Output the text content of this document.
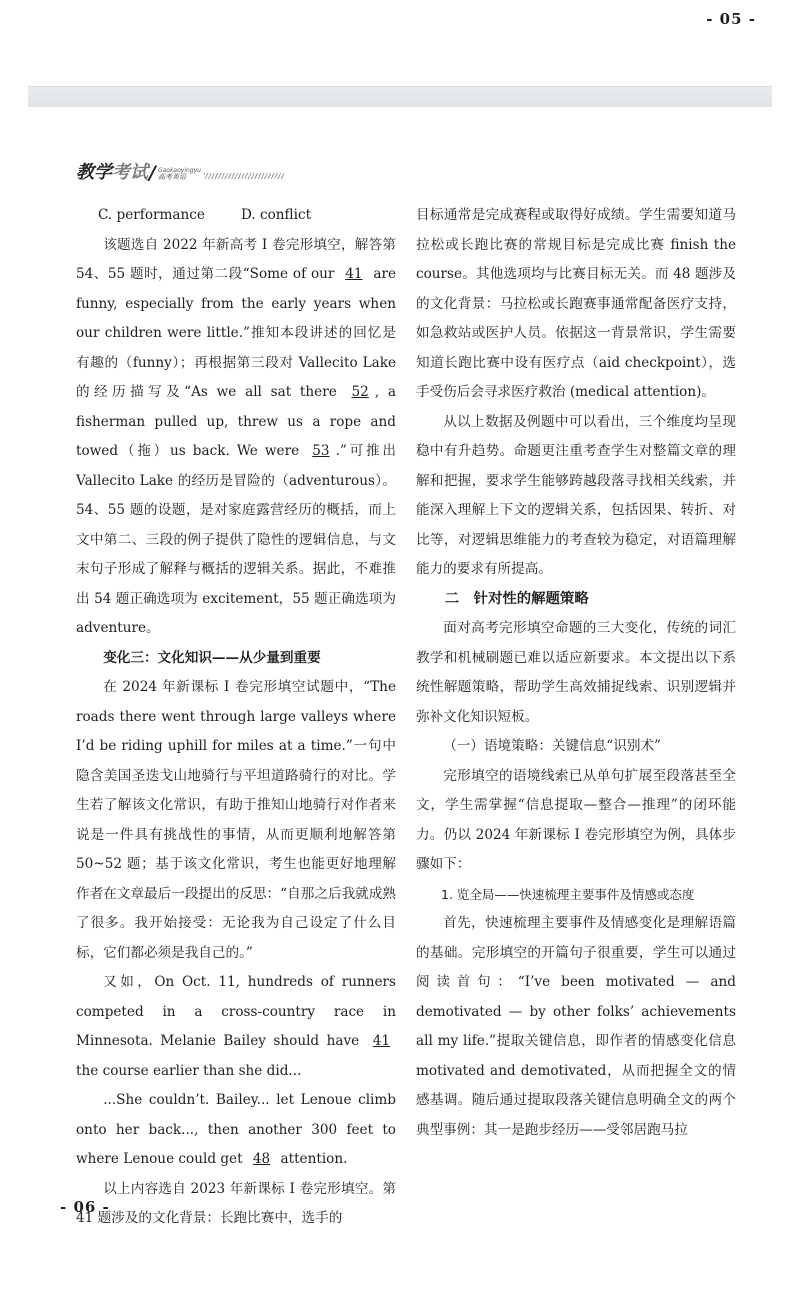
- 05 -
教学考试 / Gaokaoyingyu
高考英语

C. performance	D. conflict

该题选自 2022 年新高考 Ⅰ 卷完形填空，解答第 54、55 题时，通过第二段“Some of our 41 are funny, especially from the early years when our children were little.”推知本段讲述的回忆是有趣的（funny）；再根据第三段对 Vallecito Lake 的经历描写及“As we all sat there 52 , a fisherman pulled up, threw us a rope and towed（拖）us back. We were 53 .”可推出 Vallecito Lake 的经历是冒险的（adventurous）。54、55 题的设题，是对家庭露营经历的概括，而上文中第二、三段的例子提供了隐性的逻辑信息，与文末句子形成了解释与概括的逻辑关系。据此，不难推出 54 题正确选项为 excitement，55 题正确选项为 adventure。

变化三：文化知识——从少量到重要

在 2024 年新课标 Ⅰ 卷完形填空试题中，“The roads there went through large valleys where I’d be riding uphill for miles at a time.”一句中隐含美国圣迭戈山地骑行与平坦道路骑行的对比。学生若了解该文化常识，有助于推知山地骑行对作者来说是一件具有挑战性的事情，从而更顺利地解答第 50~52 题；基于该文化常识，考生也能更好地理解作者在文章最后一段提出的反思：“自那之后我就成熟了很多。我开始接受：无论我为自己设定了什么目标，它们都必须是我自己的。”

又如，On Oct. 11, hundreds of runners competed in a cross-country race in Minnesota. Melanie Bailey should have 41 the course earlier than she did...

...She couldn’t. Bailey... let Lenoue climb onto her back..., then another 300 feet to where Lenoue could get 48 attention.

以上内容选自 2023 年新课标 Ⅰ 卷完形填空。第 41 题涉及的文化背景：长跑比赛中，选手的

目标通常是完成赛程或取得好成绩。学生需要知道马拉松或长跑比赛的常规目标是完成比赛 finish the course。其他选项均与比赛目标无关。而 48 题涉及的文化背景：马拉松或长跑赛事通常配备医疗支持，如急救站或医护人员。依据这一背景常识，学生需要知道长跑比赛中设有医疗点（aid checkpoint），选手受伤后会寻求医疗救治 (medical attention)。

从以上数据及例题中可以看出，三个维度均呈现稳中有升趋势。命题更注重考查学生对整篇文章的理解和把握，要求学生能够跨越段落寻找相关线索，并能深入理解上下文的逻辑关系，包括因果、转折、对比等，对逻辑思维能力的考查较为稳定，对语篇理解能力的要求有所提高。

二　针对性的解题策略

面对高考完形填空命题的三大变化，传统的词汇教学和机械刷题已难以适应新要求。本文提出以下系统性解题策略，帮助学生高效捕捉线索、识别逻辑并弥补文化知识短板。

（一）语境策略：关键信息“识别术”

完形填空的语境线索已从单句扩展至段落甚至全文，学生需掌握“信息提取—整合—推理”的闭环能力。仍以 2024 年新课标 Ⅰ 卷完形填空为例，具体步骤如下：

1. 览全局——快速梳理主要事件及情感或态度

首先，快速梳理主要事件及情感变化是理解语篇的基础。完形填空的开篇句子很重要，学生可以通过阅读首句：“I’ve been motivated — and demotivated — by other folks’ achievements all my life.”提取关键信息，即作者的情感变化信息 motivated and demotivated，从而把握全文的情感基调。随后通过提取段落关键信息明确全文的两个典型事例：其一是跑步经历——受邻居跑马拉

- 06 -
